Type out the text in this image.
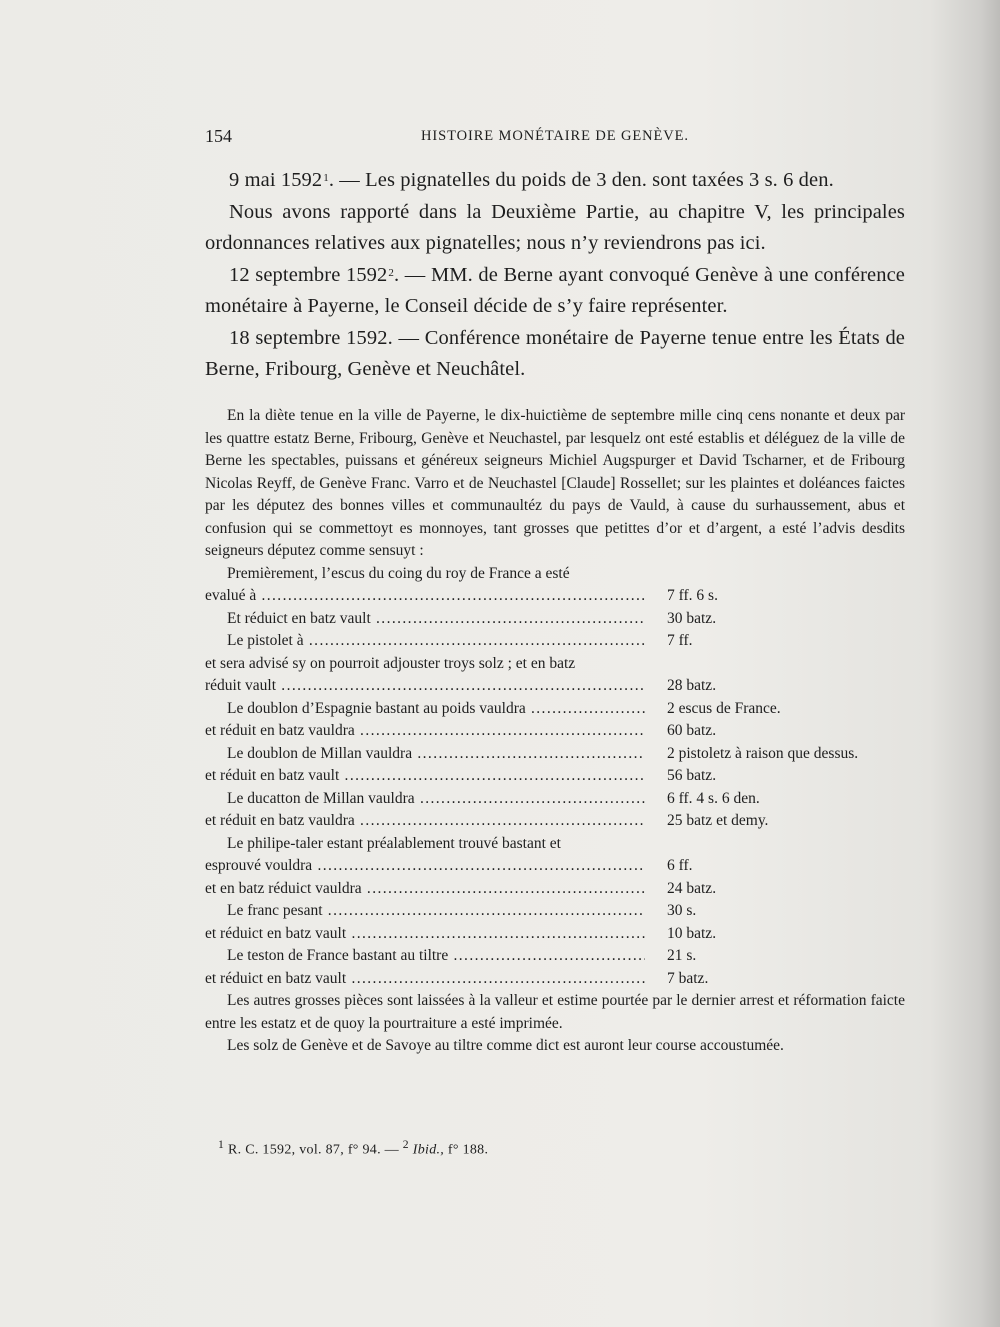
154	HISTOIRE MONÉTAIRE DE GENÈVE.

9 mai 1592$^1$. — Les pignatelles du poids de 3 den. sont taxées 3 s. 6 den.

Nous avons rapporté dans la Deuxième Partie, au chapitre V, les principales ordonnances relatives aux pignatelles; nous n’y reviendrons pas ici.

12 septembre 1592$^2$. — MM. de Berne ayant convoqué Genève à une conférence monétaire à Payerne, le Conseil décide de s’y faire représenter.

18 septembre 1592. — Conférence monétaire de Payerne tenue entre les États de Berne, Fribourg, Genève et Neuchâtel.

En la diète tenue en la ville de Payerne, le dix-huictième de septembre mille cinq cens nonante et deux par les quattre estatz Berne, Fribourg, Genève et Neuchastel, par lesquelz ont esté establis et déléguez de la ville de Berne les spectables, puissans et généreux seigneurs Michiel Augspurger et David Tscharner, et de Fribourg Nicolas Reyff, de Genève Franc. Varro et de Neuchastel [Claude] Rossellet; sur les plaintes et doléances faictes par les députez des bonnes villes et communaultéz du pays de Vauld, à cause du surhaussement, abus et confusion qui se commettoyt es monnoyes, tant grosses que petittes d’or et d’argent, a esté l’advis desdits seigneurs députez comme sensuyt :

Premièrement, l’escus du coing du roy de France a esté
evalué à .....	7 ff. 6 s.
Et réduict en batz vault .....	30 batz.
Le pistolet à .....	7 ff.
et sera advisé sy on pourroit adjouster troys solz ; et en batz
réduit vault .....	28 batz.
Le doublon d’Espagnie bastant au poids vauldra .....	2 escus de France.
et réduit en batz vauldra .....	60 batz.
Le doublon de Millan vauldra .....	2 pistoletz à raison que dessus.
et réduit en batz vault .....	56 batz.
Le ducatton de Millan vauldra .....	6 ff. 4 s. 6 den.
et réduit en batz vauldra .....	25 batz et demy.
Le philipe-taler estant préalablement trouvé bastant et
esprouvé vouldra .....	6 ff.
et en batz réduict vauldra .....	24 batz.
Le franc pesant .....	30 s.
et réduict en batz vault .....	10 batz.
Le teston de France bastant au tiltre .....	21 s.
et réduict en batz vault .....	7 batz.

Les autres grosses pièces sont laissées à la valleur et estime pourtée par le dernier arrest et réformation faicte entre les estatz et de quoy la pourtraiture a esté imprimée.

Les solz de Genève et de Savoye au tiltre comme dict est auront leur course accoustumée.

$^1$ R. C. 1592, vol. 87, f° 94. — $^2$ Ibid., f° 188.
